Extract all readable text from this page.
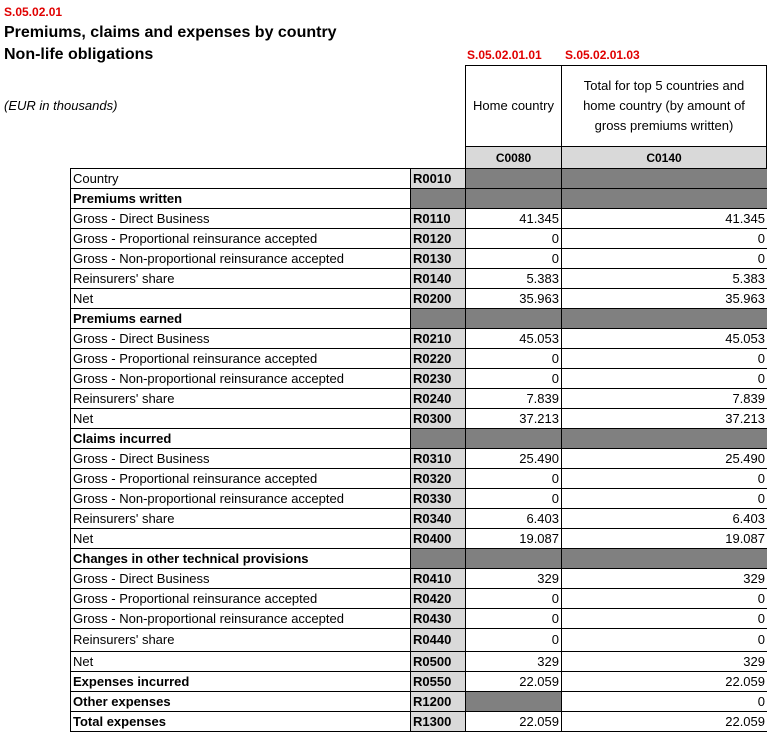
S.05.02.01
Premiums, claims and expenses by country
Non-life obligations
(EUR in thousands)
S.05.02.01.01 S.05.02.01.03
Home country
Total for top 5 countries and home country (by amount of gross premiums written)
C0080	C0140
Country	R0010		
Premiums written			
Gross - Direct Business	R0110	41.345	41.345
Gross - Proportional reinsurance accepted	R0120	0	0
Gross - Non-proportional reinsurance accepted	R0130	0	0
Reinsurers' share	R0140	5.383	5.383
Net	R0200	35.963	35.963
Premiums earned			
Gross - Direct Business	R0210	45.053	45.053
Gross - Proportional reinsurance accepted	R0220	0	0
Gross - Non-proportional reinsurance accepted	R0230	0	0
Reinsurers' share	R0240	7.839	7.839
Net	R0300	37.213	37.213
Claims incurred			
Gross - Direct Business	R0310	25.490	25.490
Gross - Proportional reinsurance accepted	R0320	0	0
Gross - Non-proportional reinsurance accepted	R0330	0	0
Reinsurers' share	R0340	6.403	6.403
Net	R0400	19.087	19.087
Changes in other technical provisions			
Gross - Direct Business	R0410	329	329
Gross - Proportional reinsurance accepted	R0420	0	0
Gross - Non-proportional reinsurance accepted	R0430	0	0
Reinsurers' share	R0440	0	0
Net	R0500	329	329
Expenses incurred	R0550	22.059	22.059
Other expenses	R1200		0
Total expenses	R1300	22.059	22.059
